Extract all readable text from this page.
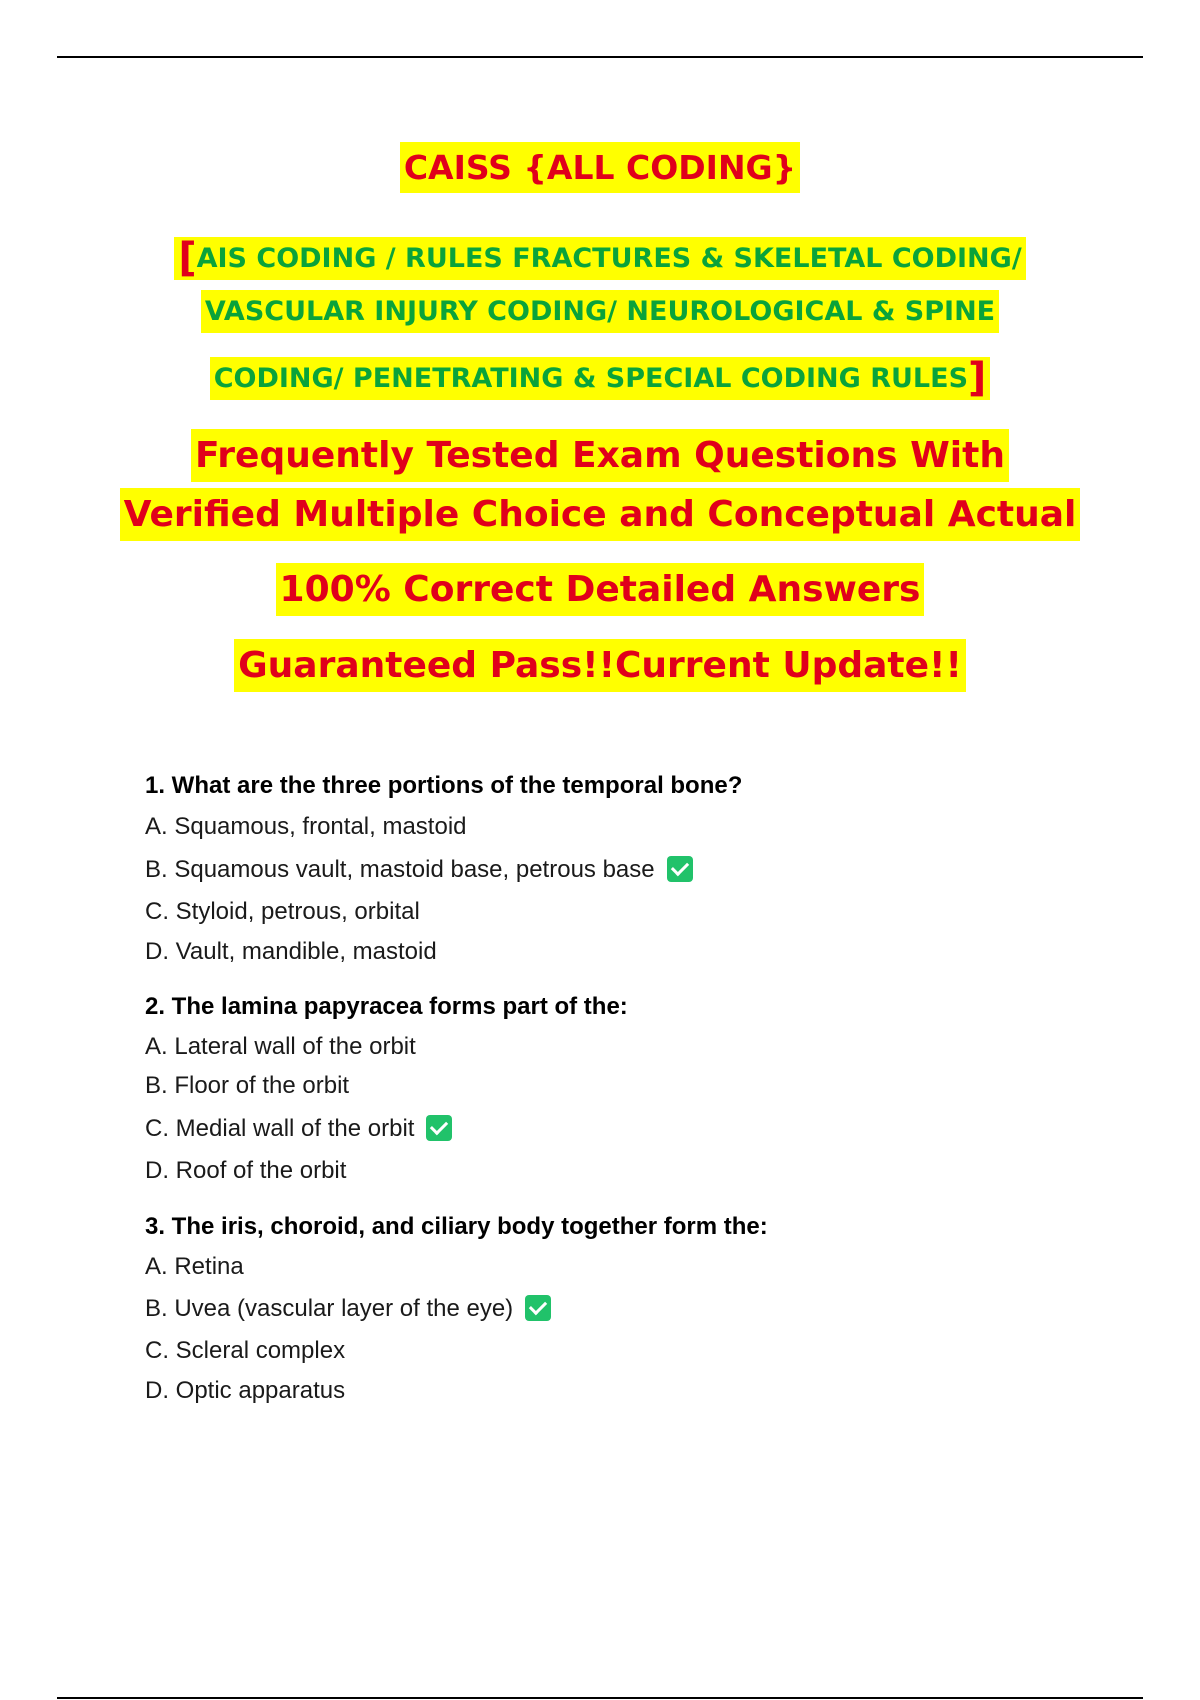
CAISS {ALL CODING}
[AIS CODING / RULES FRACTURES & SKELETAL CODING/
VASCULAR INJURY CODING/ NEUROLOGICAL & SPINE
CODING/ PENETRATING & SPECIAL CODING RULES]
Frequently Tested Exam Questions With
Verified Multiple Choice and Conceptual Actual
100% Correct Detailed Answers
Guaranteed Pass!!Current Update!!
1. What are the three portions of the temporal bone?
A. Squamous, frontal, mastoid
B. Squamous vault, mastoid base, petrous base
C. Styloid, petrous, orbital
D. Vault, mandible, mastoid
2. The lamina papyracea forms part of the:
A. Lateral wall of the orbit
B. Floor of the orbit
C. Medial wall of the orbit
D. Roof of the orbit
3. The iris, choroid, and ciliary body together form the:
A. Retina
B. Uvea (vascular layer of the eye)
C. Scleral complex
D. Optic apparatus
